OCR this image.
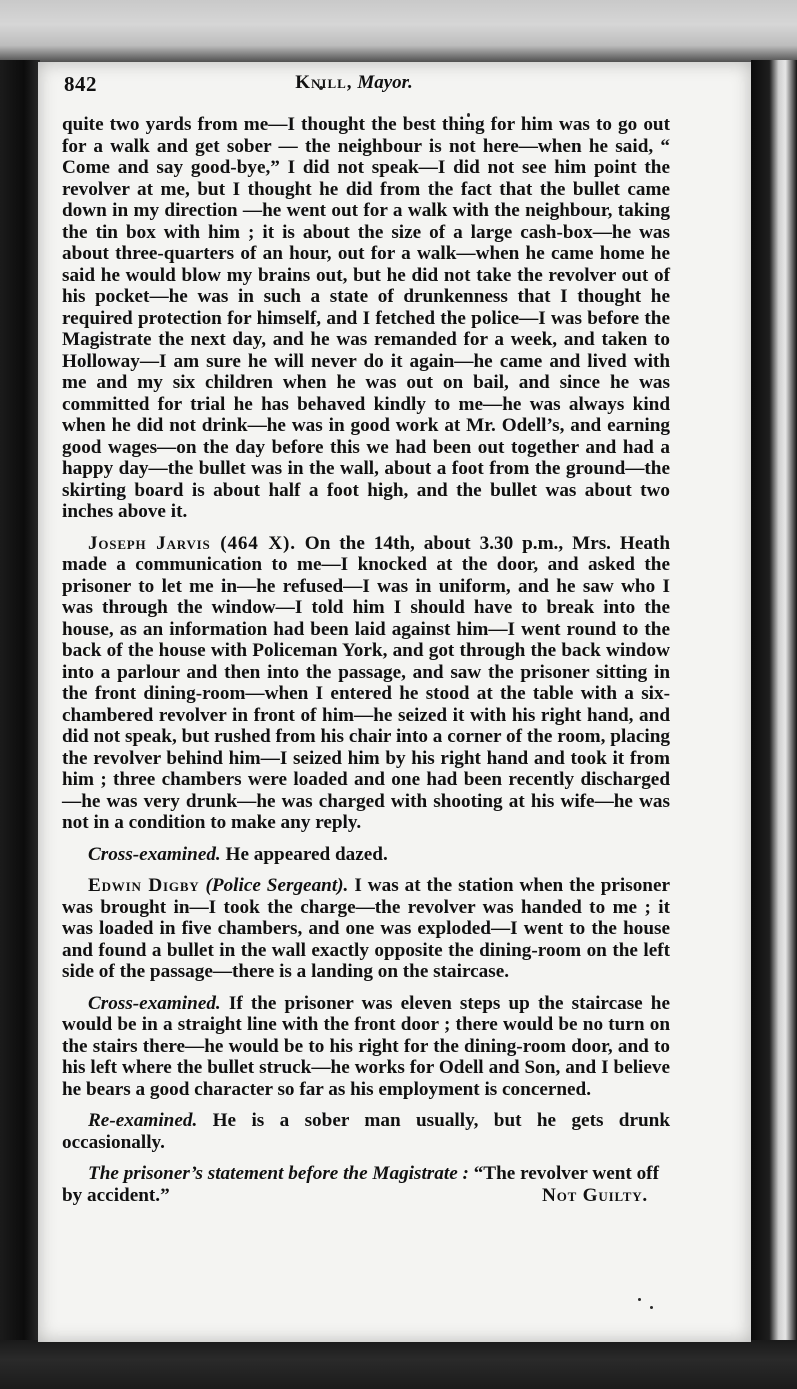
842	Knill, Mayor.

quite two yards from me—I thought the best thing for him was to go out for a walk and get sober — the neighbour is not here—when he said, “ Come and say good-bye,” I did not speak—I did not see him point the revolver at me, but I thought he did from the fact that the bullet came down in my direction —he went out for a walk with the neighbour, taking the tin box with him ; it is about the size of a large cash-box—he was about three-quarters of an hour, out for a walk—when he came home he said he would blow my brains out, but he did not take the revolver out of his pocket—he was in such a state of drunkenness that I thought he required protection for himself, and I fetched the police—I was before the Magistrate the next day, and he was remanded for a week, and taken to Holloway—I am sure he will never do it again—he came and lived with me and my six children when he was out on bail, and since he was committed for trial he has behaved kindly to me—he was always kind when he did not drink—he was in good work at Mr. Odell’s, and earning good wages—on the day before this we had been out together and had a happy day—the bullet was in the wall, about a foot from the ground—the skirting board is about half a foot high, and the bullet was about two inches above it.

Joseph Jarvis (464 X). On the 14th, about 3.30 p.m., Mrs. Heath made a communication to me—I knocked at the door, and asked the prisoner to let me in—he refused—I was in uniform, and he saw who I was through the window—I told him I should have to break into the house, as an information had been laid against him—I went round to the back of the house with Policeman York, and got through the back window into a parlour and then into the passage, and saw the prisoner sitting in the front dining-room—when I entered he stood at the table with a six-chambered revolver in front of him—he seized it with his right hand, and did not speak, but rushed from his chair into a corner of the room, placing the revolver behind him—I seized him by his right hand and took it from him ; three chambers were loaded and one had been recently discharged—he was very drunk—he was charged with shooting at his wife—he was not in a condition to make any reply.

Cross-examined. He appeared dazed.

Edwin Digby (Police Sergeant). I was at the station when the prisoner was brought in—I took the charge—the revolver was handed to me ; it was loaded in five chambers, and one was exploded—I went to the house and found a bullet in the wall exactly opposite the dining-room on the left side of the passage—there is a landing on the staircase.

Cross-examined. If the prisoner was eleven steps up the staircase he would be in a straight line with the front door ; there would be no turn on the stairs there—he would be to his right for the dining-room door, and to his left where the bullet struck—he works for Odell and Son, and I believe he bears a good character so far as his employment is concerned.

Re-examined. He is a sober man usually, but he gets drunk occasionally.

The prisoner’s statement before the Magistrate : “The revolver went off

by accident.”	Not Guilty.
